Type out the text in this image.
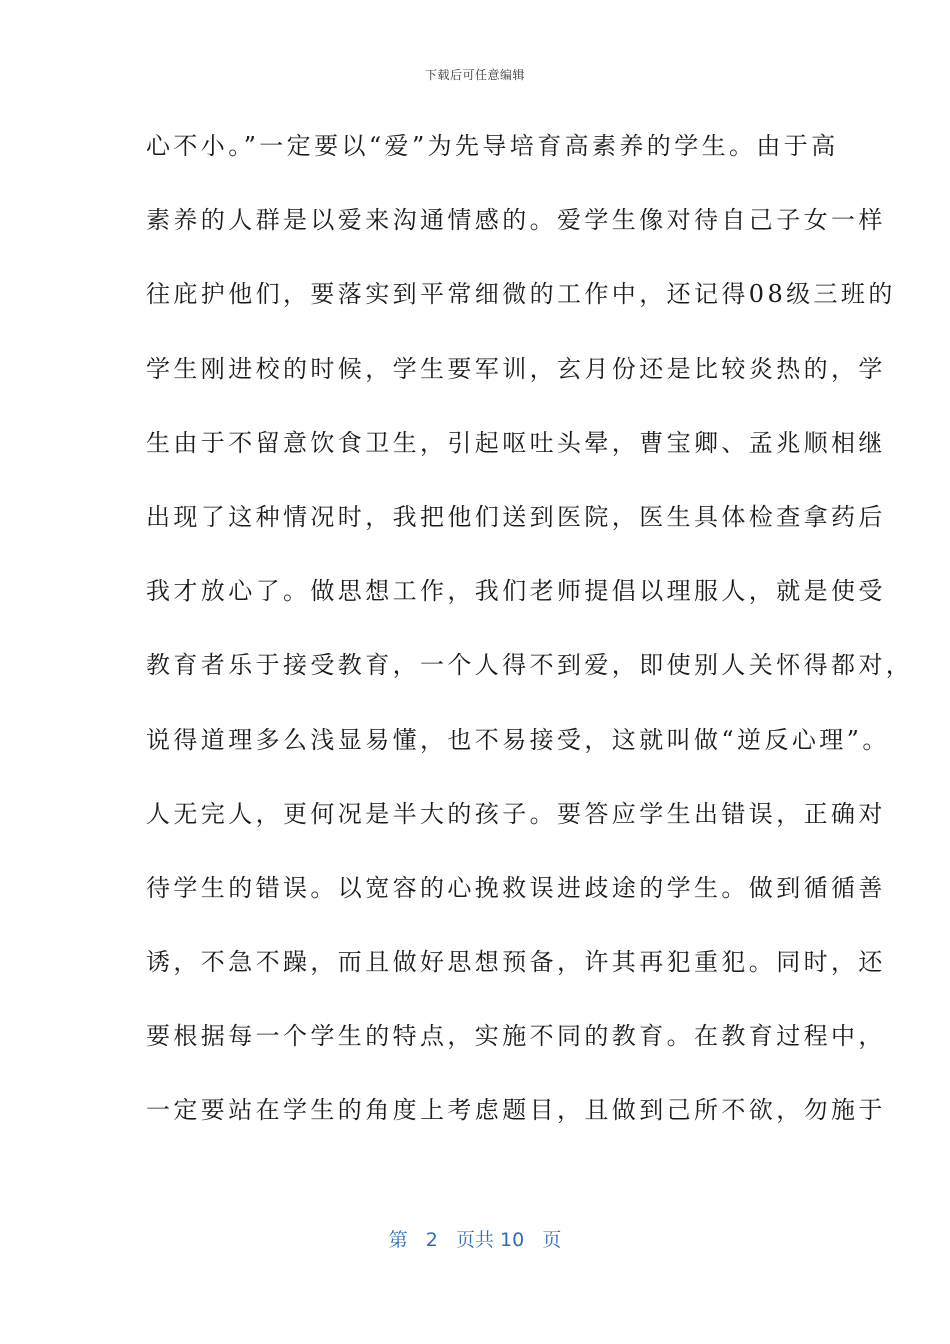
下载后可任意编辑
心不小。”一定要以“爱”为先导培育高素养的学生。由于高
素养的人群是以爱来沟通情感的。爱学生像对待自己子女一样
往庇护他们，要落实到平常细微的工作中，还记得08级三班的
学生刚进校的时候，学生要军训，玄月份还是比较炎热的，学
生由于不留意饮食卫生，引起呕吐头晕，曹宝卿、孟兆顺相继
出现了这种情况时，我把他们送到医院，医生具体检查拿药后
我才放心了。做思想工作，我们老师提倡以理服人，就是使受
教育者乐于接受教育，一个人得不到爱，即使别人关怀得都对，
说得道理多么浅显易懂，也不易接受，这就叫做“逆反心理”。
人无完人，更何况是半大的孩子。要答应学生出错误，正确对
待学生的错误。以宽容的心挽救误进歧途的学生。做到循循善
诱，不急不躁，而且做好思想预备，许其再犯重犯。同时，还
要根据每一个学生的特点，实施不同的教育。在教育过程中，
一定要站在学生的角度上考虑题目，且做到己所不欲，勿施于
第 2 页共 10 页
